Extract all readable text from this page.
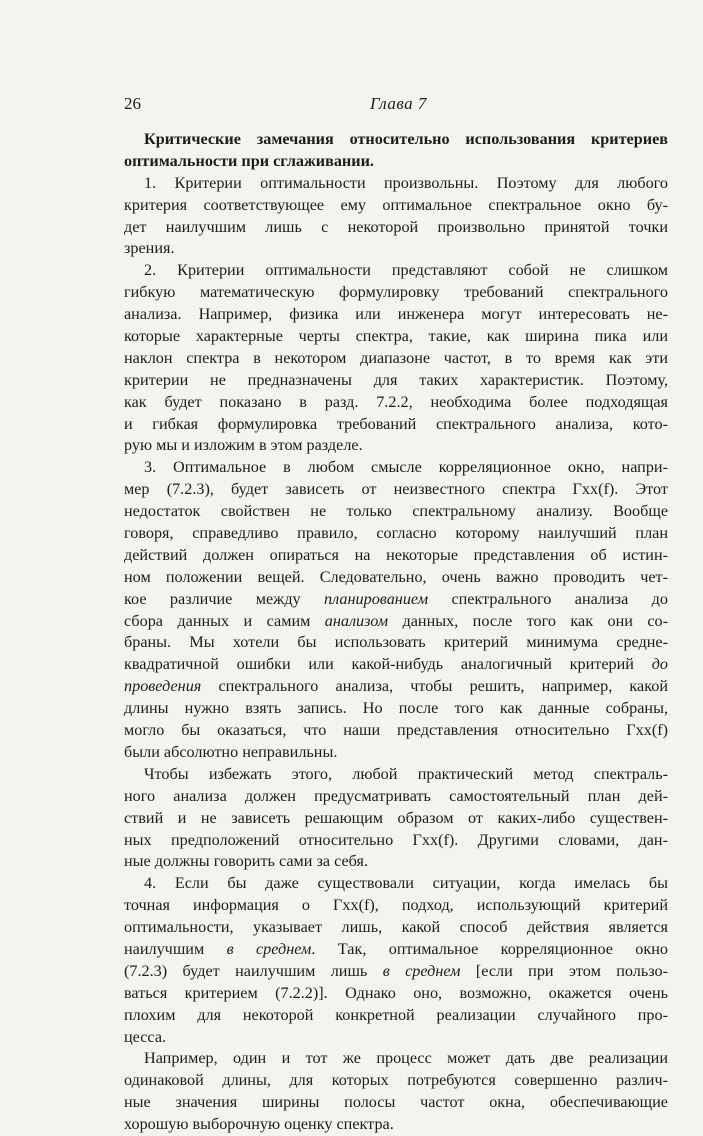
26	Глава 7
Критические замечания относительно использования критериев
оптимальности при сглаживании.
1. Критерии оптимальности произвольны. Поэтому для любого
критерия соответствующее ему оптимальное спектральное окно бу-
дет наилучшим лишь с некоторой произвольно принятой точки
зрения.
2. Критерии оптимальности представляют собой не слишком
гибкую математическую формулировку требований спектрального
анализа. Например, физика или инженера могут интересовать не-
которые характерные черты спектра, такие, как ширина пика или
наклон спектра в некотором диапазоне частот, в то время как эти
критерии не предназначены для таких характеристик. Поэтому,
как будет показано в разд. 7.2.2, необходима более подходящая
и гибкая формулировка требований спектрального анализа, кото-
рую мы и изложим в этом разделе.
3. Оптимальное в любом смысле корреляционное окно, напри-
мер (7.2.3), будет зависеть от неизвестного спектра Γxx(f). Этот
недостаток свойствен не только спектральному анализу. Вообще
говоря, справедливо правило, согласно которому наилучший план
действий должен опираться на некоторые представления об истин-
ном положении вещей. Следовательно, очень важно проводить чет-
кое различие между планированием спектрального анализа до
сбора данных и самим анализом данных, после того как они со-
браны. Мы хотели бы использовать критерий минимума средне-
квадратичной ошибки или какой-нибудь аналогичный критерий до
проведения спектрального анализа, чтобы решить, например, какой
длины нужно взять запись. Но после того как данные собраны,
могло бы оказаться, что наши представления относительно Γxx(f)
были абсолютно неправильны.
Чтобы избежать этого, любой практический метод спектраль-
ного анализа должен предусматривать самостоятельный план дей-
ствий и не зависеть решающим образом от каких-либо существен-
ных предположений относительно Γxx(f). Другими словами, дан-
ные должны говорить сами за себя.
4. Если бы даже существовали ситуации, когда имелась бы
точная информация о Γxx(f), подход, использующий критерий
оптимальности, указывает лишь, какой способ действия является
наилучшим в среднем. Так, оптимальное корреляционное окно
(7.2.3) будет наилучшим лишь в среднем [если при этом пользо-
ваться критерием (7.2.2)]. Однако оно, возможно, окажется очень
плохим для некоторой конкретной реализации случайного про-
цесса.
Например, один и тот же процесс может дать две реализации
одинаковой длины, для которых потребуются совершенно различ-
ные значения ширины полосы частот окна, обеспечивающие
хорошую выборочную оценку спектра.
